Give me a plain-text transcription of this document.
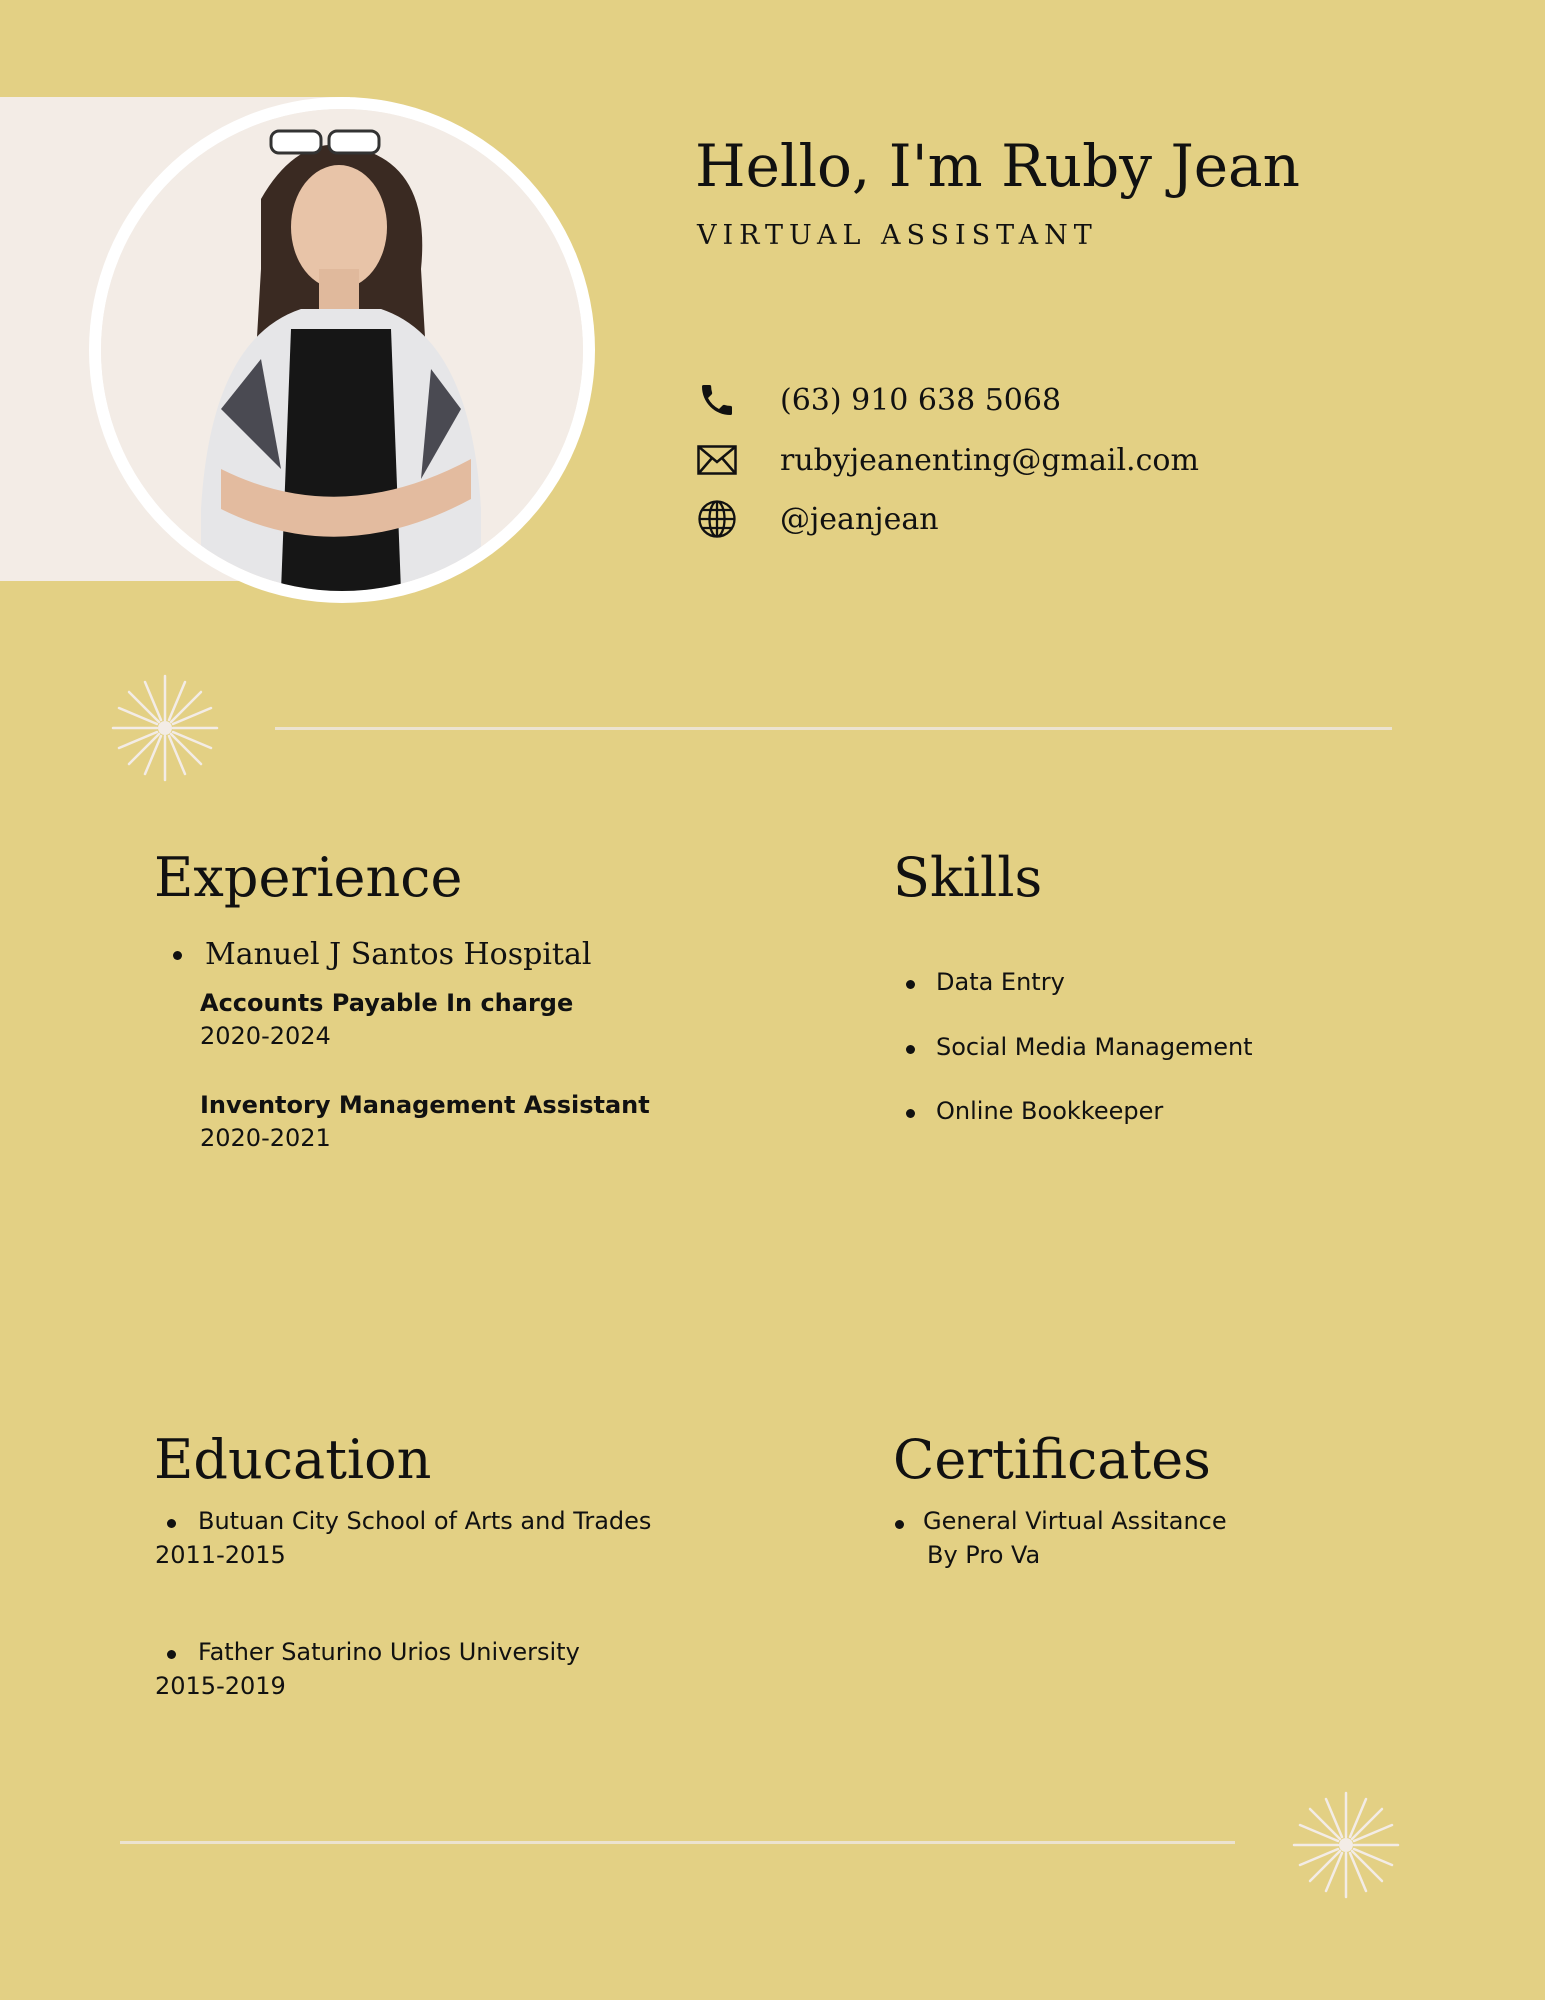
Hello, I'm Ruby Jean
VIRTUAL ASSISTANT
(63) 910 638 5068
rubyjeanenting@gmail.com
@jeanjean
Experience
Manuel J Santos Hospital
Accounts Payable In charge
2020-2024
Inventory Management Assistant
2020-2021
Skills
Data Entry
Social Media Management
Online Bookkeeper
Education
Butuan City School of Arts and Trades
2011-2015
Father Saturino Urios University
2015-2019
Certificates
General Virtual Assitance
By Pro Va
